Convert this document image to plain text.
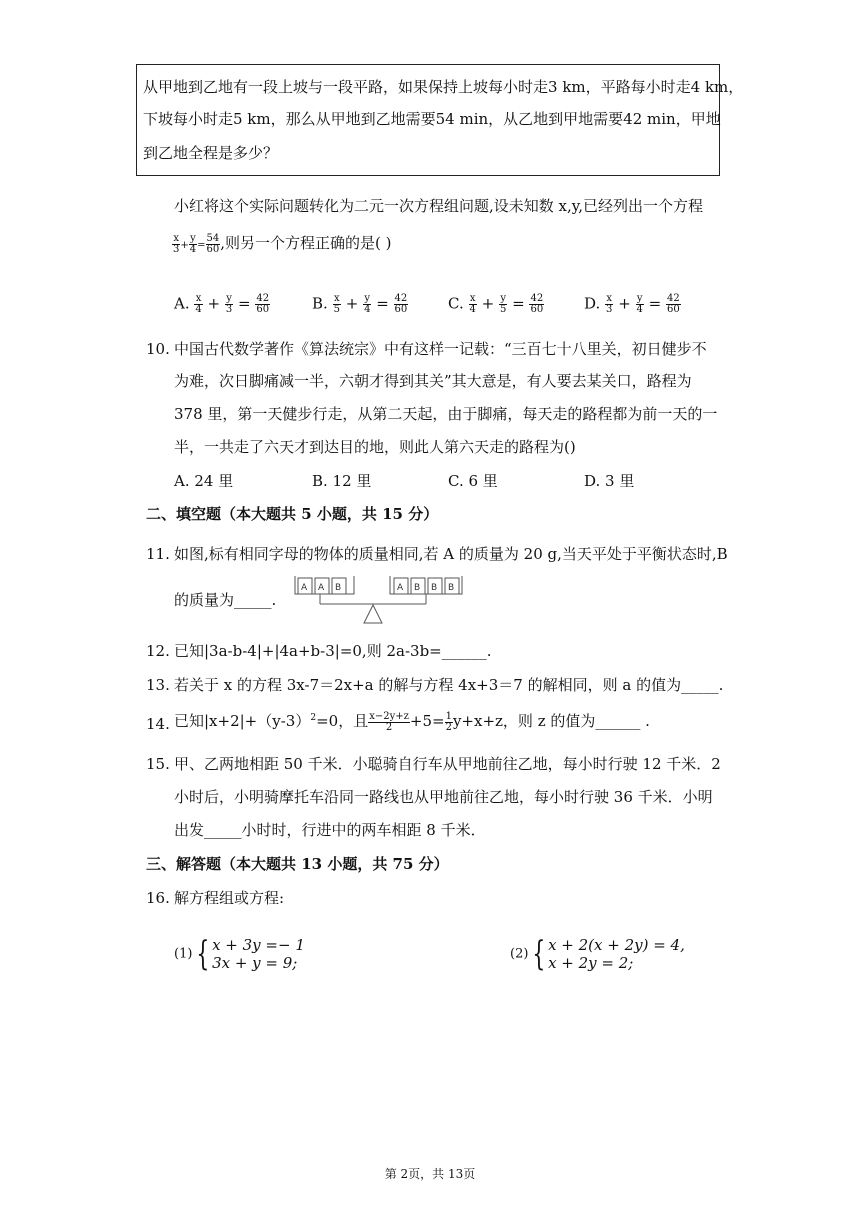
从甲地到乙地有一段上坡与一段平路，如果保持上坡每小时走3 km，平路每小时走4 km，
下坡每小时走5 km，那么从甲地到乙地需要54 min，从乙地到甲地需要42 min，甲地
到乙地全程是多少？
小红将这个实际问题转化为二元一次方程组问题,设未知数 x,y,已经列出一个方程
$\frac{x}{3} + \frac{y}{4} = \frac{54}{60}$ ,则另一个方程正确的是( )
A. $\frac{x}{4} + \frac{y}{3} = \frac{42}{60}$	B. $\frac{x}{5} + \frac{y}{4} = \frac{42}{60}$	C. $\frac{x}{4} + \frac{y}{5} = \frac{42}{60}$	D. $\frac{x}{3} + \frac{y}{4} = \frac{42}{60}$
10. 中国古代数学著作《算法统宗》中有这样一记载：“三百七十八里关，初日健步不
为难，次日脚痛减一半，六朝才得到其关”其大意是，有人要去某关口，路程为
378 里，第一天健步行走，从第二天起，由于脚痛，每天走的路程都为前一天的一
半，一共走了六天才到达目的地，则此人第六天走的路程为()
A. 24 里	B. 12 里	C. 6 里	D. 3 里
二、填空题（本大题共 5 小题，共 15 分）
11. 如图,标有相同字母的物体的质量相同,若 A 的质量为 20 g,当天平处于平衡状态时,B
的质量为_____.
A A B	A B B B
12. 已知|3a-b-4|+|4a+b-3|=0,则 2a-3b=______.
13. 若关于 x 的方程 3x-7＝2x+a 的解与方程 4x+3＝7 的解相同，则 a 的值为_____.
14. 已知$|x+2|+(y-3)^2=0$，且 $\frac{x-2y+z}{2} +5= \frac{1}{2} y+x+z$，则 z 的值为______ .
15. 甲、乙两地相距 50 千米．小聪骑自行车从甲地前往乙地，每小时行驶 12 千米．2
小时后，小明骑摩托车沿同一路线也从甲地前往乙地，每小时行驶 36 千米．小明
出发_____小时时，行进中的两车相距 8 千米．
三、解答题（本大题共 13 小题，共 75 分）
16. 解方程组或方程:
(1) { x + 3y =− 1
3x + y = 9;	(2) { x + 2(x + 2y) = 4,
x + 2y = 2;
第 2页，共 13页
